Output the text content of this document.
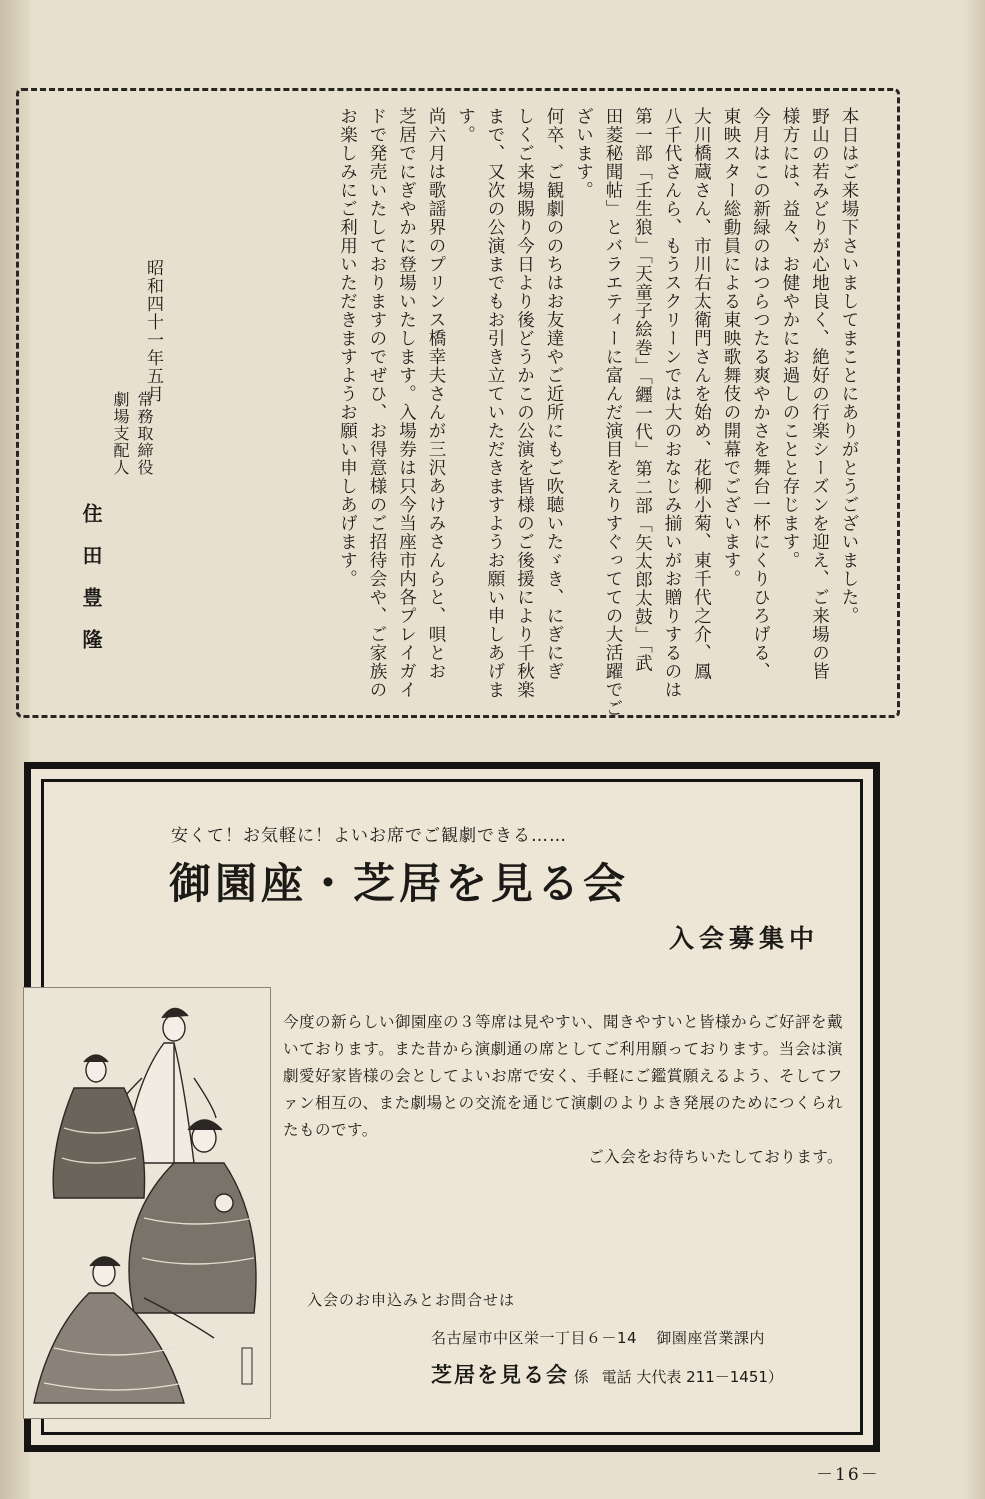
本日はご来場下さいましてまことにありがとうございました。

野山の若みどりが心地良く、絶好の行楽シーズンを迎え、ご来場の皆

様方には、益々、お健やかにお過しのことと存じます。

今月はこの新緑のはつらつたる爽やかさを舞台一杯にくりひろげる、

東映スター総動員による東映歌舞伎の開幕でございます。

大川橋蔵さん、市川右太衛門さんを始め、花柳小菊、東千代之介、鳳

八千代さんら、もうスクリーンでは大のおなじみ揃いがお贈りするのは

第一部「壬生狼」「天童子絵巻」「纒一代」第二部「矢太郎太鼓」「武

田菱秘聞帖」とバラエティーに富んだ演目をえりすぐってての大活躍でご

ざいます。

何卒、ご観劇ののちはお友達やご近所にもご吹聴いたゞき、にぎにぎ

しくご来場賜り今日より後どうかこの公演を皆様のご後援により千秋楽

まで、又次の公演までもお引き立ていただきますようお願い申しあげま

す。

尚六月は歌謡界のプリンス橋幸夫さんが三沢あけみさんらと、唄とお

芝居でにぎやかに登場いたします。入場券は只今当座市内各プレイガイ

ドで発売いたしておりますのでぜひ、お得意様のご招待会や、ご家族の

お楽しみにご利用いただきますようお願い申しあげます。

昭和四十一年五月
常務取締役
劇場支配人
住田豊隆
安くて！お気軽に！よいお席でご観劇できる……
御園座・芝居を見る会
入会募集中

今度の新らしい御園座の３等席は見やすい、聞きやすいと皆様からご好評を戴いております。また昔から演劇通の席としてご利用願っております。当会は演劇愛好家皆様の会としてよいお席で安く、手軽にご鑑賞願えるよう、そしてファン相互の、また劇場との交流を通じて演劇のよりよき発展のためにつくられたものです。

ご入会をお待ちいたしております。

入会のお申込みとお問合せは
名古屋市中区栄一丁目６－14 御園座営業課内
芝居を見る会 係 電話 大代表 211－1451）
－16－
